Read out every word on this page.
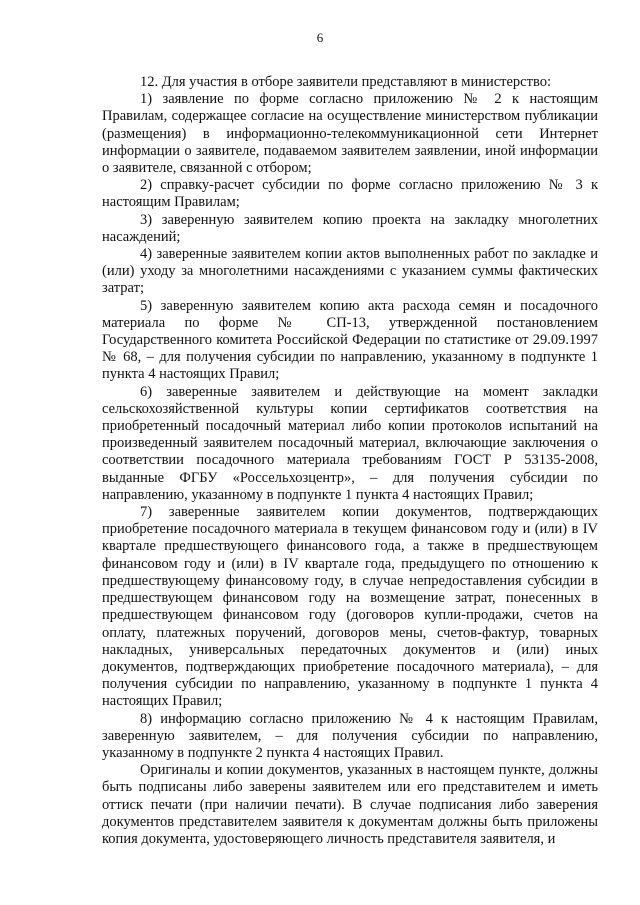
6

12. Для участия в отборе заявители представляют в министерство:

1) заявление по форме согласно приложению № 2 к настоящим Правилам, содержащее согласие на осуществление министерством публикации (размещения) в информационно-телекоммуникационной сети Интернет информации о заявителе, подаваемом заявителем заявлении, иной информации о заявителе, связанной с отбором;

2) справку-расчет субсидии по форме согласно приложению № 3 к настоящим Правилам;

3) заверенную заявителем копию проекта на закладку многолетних насаждений;

4) заверенные заявителем копии актов выполненных работ по закладке и (или) уходу за многолетними насаждениями с указанием суммы фактических затрат;

5) заверенную заявителем копию акта расхода семян и посадочного материала по форме № СП-13, утвержденной постановлением Государственного комитета Российской Федерации по статистике от 29.09.1997 № 68, – для получения субсидии по направлению, указанному в подпункте 1 пункта 4 настоящих Правил;

6) заверенные заявителем и действующие на момент закладки сельскохозяйственной культуры копии сертификатов соответствия на приобретенный посадочный материал либо копии протоколов испытаний на произведенный заявителем посадочный материал, включающие заключения о соответствии посадочного материала требованиям ГОСТ Р 53135-2008, выданные ФГБУ «Россельхозцентр», – для получения субсидии по направлению, указанному в подпункте 1 пункта 4 настоящих Правил;

7) заверенные заявителем копии документов, подтверждающих приобретение посадочного материала в текущем финансовом году и (или) в IV квартале предшествующего финансового года, а также в предшествующем финансовом году и (или) в IV квартале года, предыдущего по отношению к предшествующему финансовому году, в случае непредоставления субсидии в предшествующем финансовом году на возмещение затрат, понесенных в предшествующем финансовом году (договоров купли-продажи, счетов на оплату, платежных поручений, договоров мены, счетов-фактур, товарных накладных, универсальных передаточных документов и (или) иных документов, подтверждающих приобретение посадочного материала), – для получения субсидии по направлению, указанному в подпункте 1 пункта 4 настоящих Правил;

8) информацию согласно приложению № 4 к настоящим Правилам, заверенную заявителем, – для получения субсидии по направлению, указанному в подпункте 2 пункта 4 настоящих Правил.

Оригиналы и копии документов, указанных в настоящем пункте, должны быть подписаны либо заверены заявителем или его представителем и иметь оттиск печати (при наличии печати). В случае подписания либо заверения документов представителем заявителя к документам должны быть приложены копия документа, удостоверяющего личность представителя заявителя, и
